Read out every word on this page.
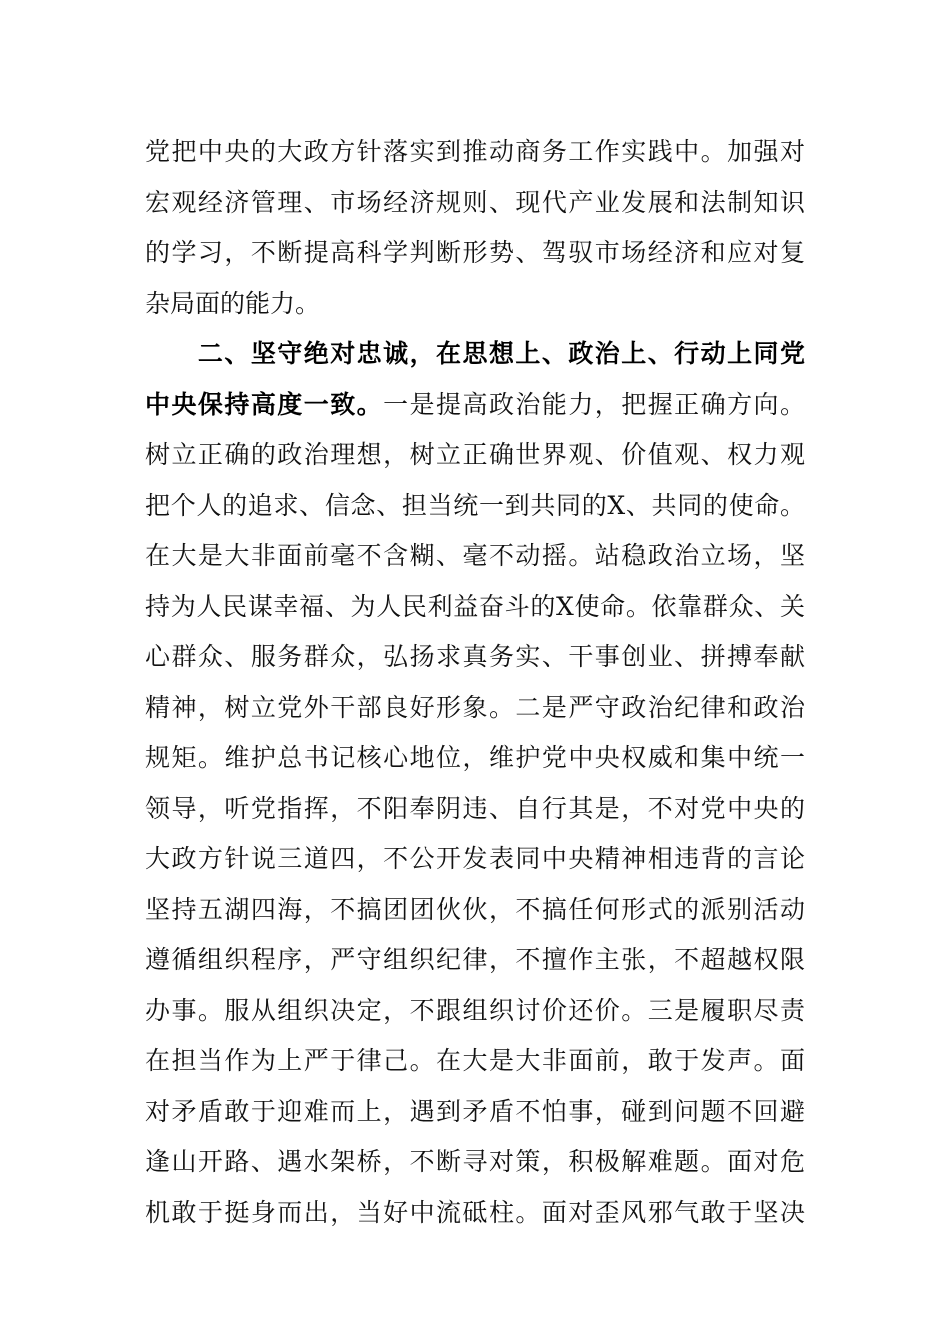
党把中央的大政方针落实到推动商务工作实践中。加强对
宏观经济管理、市场经济规则、现代产业发展和法制知识
的学习，不断提高科学判断形势、驾驭市场经济和应对复
杂局面的能力。
　　二、坚守绝对忠诚，在思想上、政治上、行动上同党
中央保持高度一致。一是提高政治能力，把握正确方向。
树立正确的政治理想，树立正确世界观、价值观、权力观
把个人的追求、信念、担当统一到共同的X、共同的使命。
在大是大非面前毫不含糊、毫不动摇。站稳政治立场，坚
持为人民谋幸福、为人民利益奋斗的X使命。依靠群众、关
心群众、服务群众，弘扬求真务实、干事创业、拼搏奉献
精神，树立党外干部良好形象。二是严守政治纪律和政治
规矩。维护总书记核心地位，维护党中央权威和集中统一
领导，听党指挥，不阳奉阴违、自行其是，不对党中央的
大政方针说三道四，不公开发表同中央精神相违背的言论
坚持五湖四海，不搞团团伙伙，不搞任何形式的派别活动
遵循组织程序，严守组织纪律，不擅作主张，不超越权限
办事。服从组织决定，不跟组织讨价还价。三是履职尽责
在担当作为上严于律己。在大是大非面前，敢于发声。面
对矛盾敢于迎难而上，遇到矛盾不怕事，碰到问题不回避
逢山开路、遇水架桥，不断寻对策，积极解难题。面对危
机敢于挺身而出，当好中流砥柱。面对歪风邪气敢于坚决
